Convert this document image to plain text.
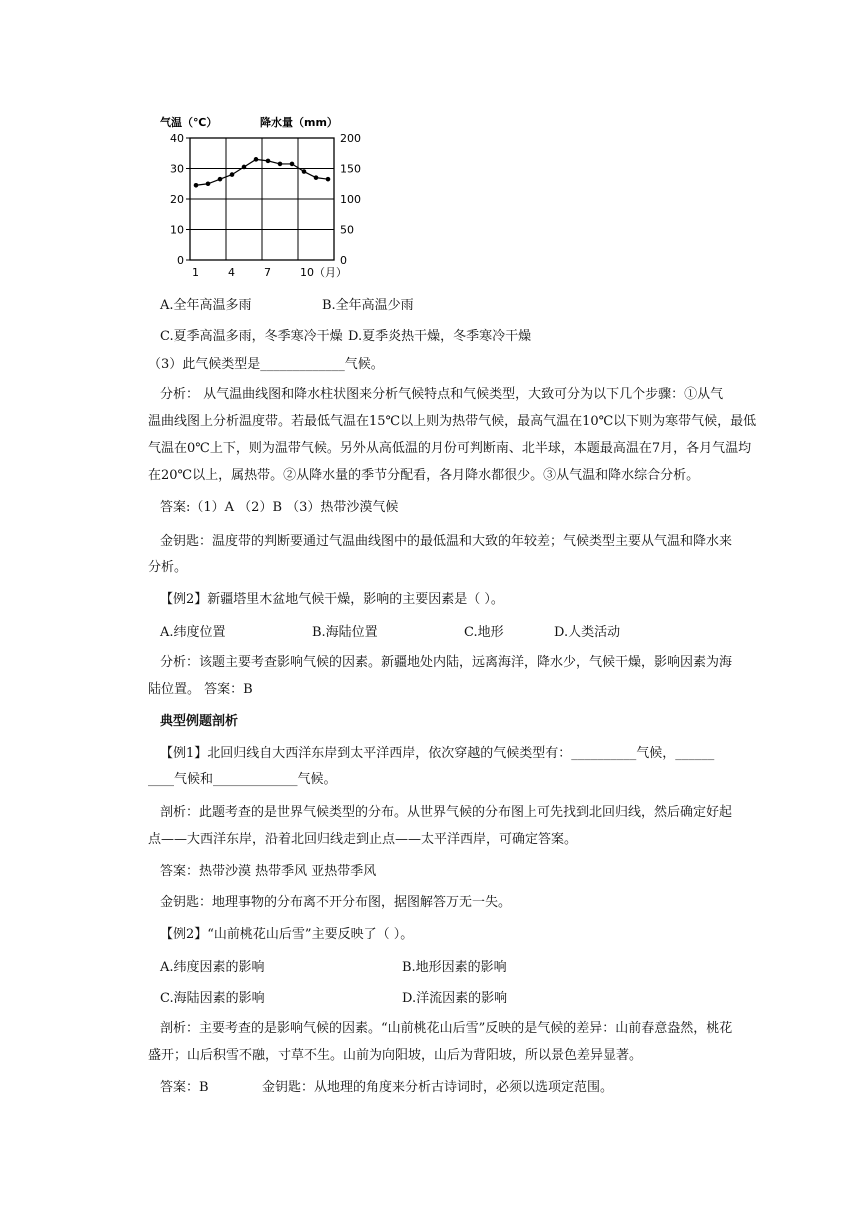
气温（℃）	降水量（mm）
40
30
20
10
0
200
150
100
50
0
1	4	7	10（月）
A.全年高温多雨	B.全年高温少雨
C.夏季高温多雨，冬季寒冷干燥 D.夏季炎热干燥，冬季寒冷干燥
（3）此气候类型是_____________气候。
分析： 从气温曲线图和降水柱状图来分析气候特点和气候类型，大致可分为以下几个步骤：①从气
温曲线图上分析温度带。若最低气温在15℃以上则为热带气候，最高气温在10℃以下则为寒带气候，最低
气温在0℃上下，则为温带气候。另外从高低温的月份可判断南、北半球，本题最高温在7月，各月气温均
在20℃以上，属热带。②从降水量的季节分配看，各月降水都很少。③从气温和降水综合分析。
答案:（1）A （2）B （3）热带沙漠气候
金钥匙：温度带的判断要通过气温曲线图中的最低温和大致的年较差；气候类型主要从气温和降水来
分析。
【例2】新疆塔里木盆地气候干燥，影响的主要因素是（ ）。
A.纬度位置	B.海陆位置	C.地形	D.人类活动
分析：该题主要考查影响气候的因素。新疆地处内陆，远离海洋，降水少，气候干燥，影响因素为海
陆位置。 答案：B
典型例题剖析
【例1】北回归线自大西洋东岸到太平洋西岸，依次穿越的气候类型有：__________气候，______
____气候和_____________气候。
剖析：此题考查的是世界气候类型的分布。从世界气候的分布图上可先找到北回归线，然后确定好起
点——大西洋东岸，沿着北回归线走到止点——太平洋西岸，可确定答案。
答案：热带沙漠 热带季风 亚热带季风
金钥匙：地理事物的分布离不开分布图，据图解答万无一失。
【例2】“山前桃花山后雪”主要反映了（ ）。
A.纬度因素的影响	B.地形因素的影响
C.海陆因素的影响	D.洋流因素的影响
剖析：主要考查的是影响气候的因素。“山前桃花山后雪”反映的是气候的差异：山前春意盎然，桃花
盛开；山后积雪不融，寸草不生。山前为向阳坡，山后为背阳坡，所以景色差异显著。
答案：B	金钥匙：从地理的角度来分析古诗词时，必须以选项定范围。
